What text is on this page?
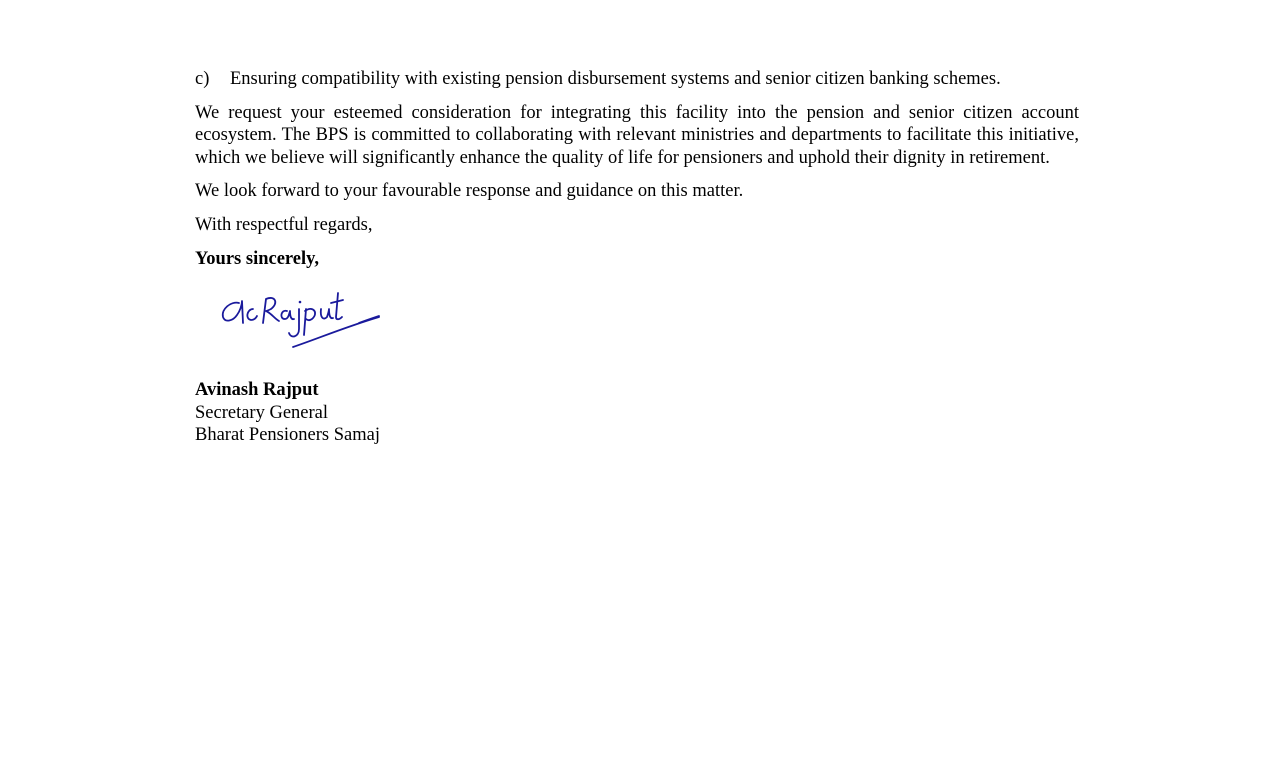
c)	Ensuring compatibility with existing pension disbursement systems and senior citizen banking schemes.

We request your esteemed consideration for integrating this facility into the pension and senior citizen account ecosystem. The BPS is committed to collaborating with relevant ministries and departments to facilitate this initiative, which we believe will significantly enhance the quality of life for pensioners and uphold their dignity in retirement.

We look forward to your favourable response and guidance on this matter.

With respectful regards,

Yours sincerely,

Avinash Rajput
Secretary General
Bharat Pensioners Samaj
